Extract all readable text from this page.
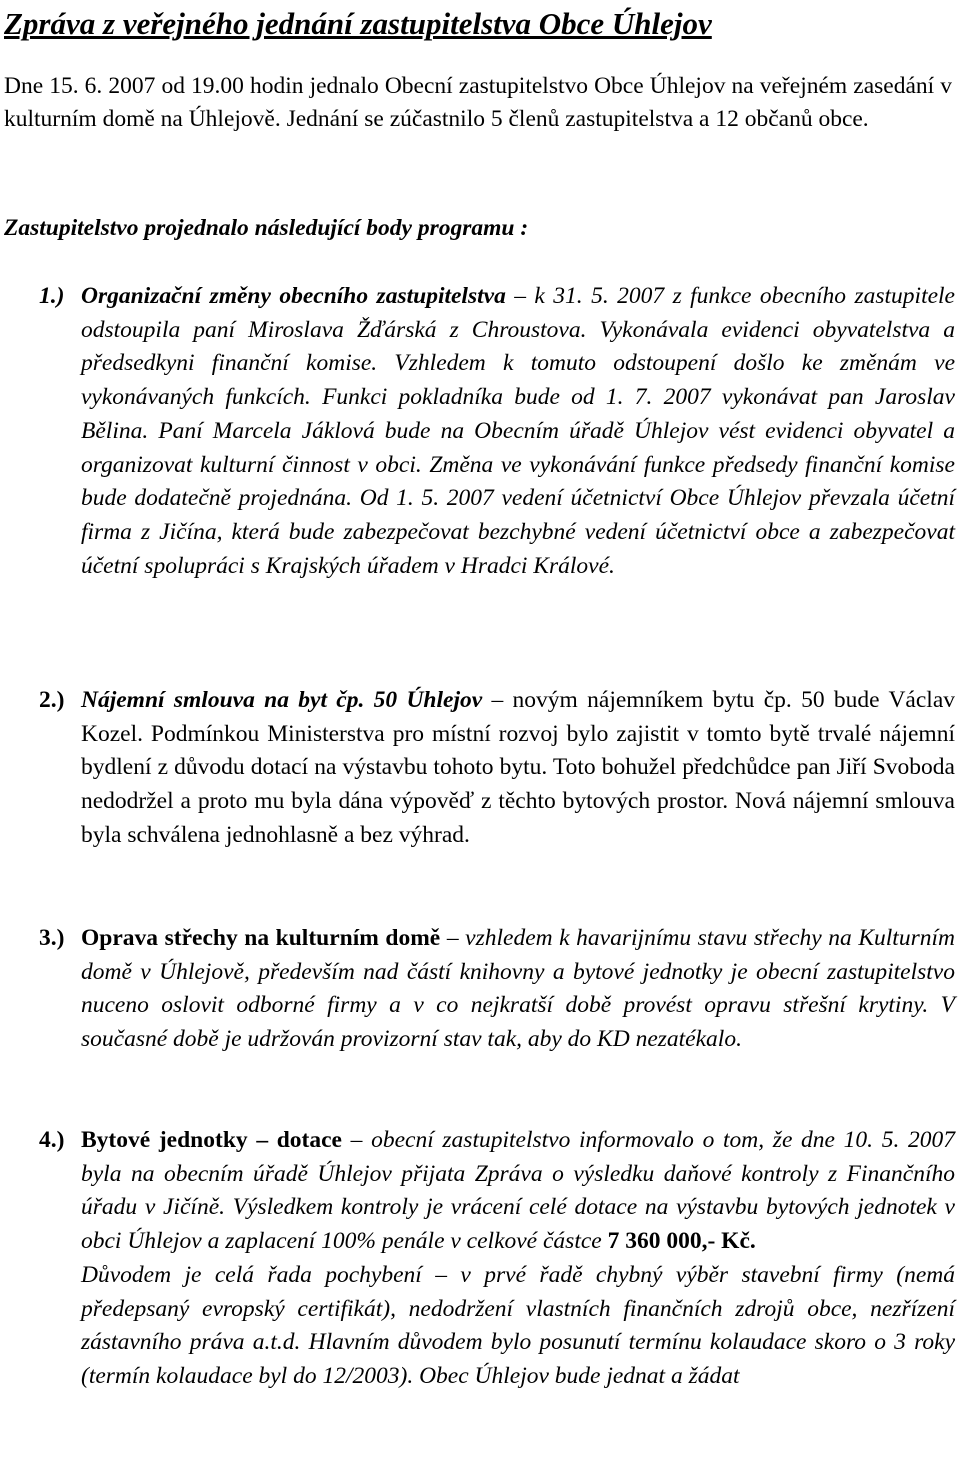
Zpráva z veřejného jednání zastupitelstva Obce Úhlejov

Dne 15. 6. 2007 od 19.00 hodin jednalo Obecní zastupitelstvo Obce Úhlejov na veřejném zasedání v kulturním domě na Úhlejově. Jednání se zúčastnilo 5 členů zastupitelstva a 12 občanů obce.

Zastupitelstvo projednalo následující body programu :

1.) Organizační změny obecního zastupitelstva – k 31. 5. 2007 z funkce obecního zastupitele odstoupila paní Miroslava Žďárská z Chroustova. Vykonávala evidenci obyvatelstva a předsedkyni finanční komise. Vzhledem k tomuto odstoupení došlo ke změnám ve vykonávaných funkcích. Funkci pokladníka bude od 1. 7. 2007 vykonávat pan Jaroslav Bělina. Paní Marcela Jáklová bude na Obecním úřadě Úhlejov vést evidenci obyvatel a organizovat kulturní činnost v obci. Změna ve vykonávání funkce předsedy finanční komise bude dodatečně projednána. Od 1. 5. 2007 vedení účetnictví Obce Úhlejov převzala účetní firma z Jičína, která bude zabezpečovat bezchybné vedení účetnictví obce a zabezpečovat účetní spolupráci s Krajských úřadem v Hradci Králové.

2.) Nájemní smlouva na byt čp. 50 Úhlejov – novým nájemníkem bytu čp. 50 bude Václav Kozel. Podmínkou Ministerstva pro místní rozvoj bylo zajistit v tomto bytě trvalé nájemní bydlení z důvodu dotací na výstavbu tohoto bytu. Toto bohužel předchůdce pan Jiří Svoboda nedodržel a proto mu byla dána výpověď z těchto bytových prostor. Nová nájemní smlouva byla schválena jednohlasně a bez výhrad.

3.) Oprava střechy na kulturním domě – vzhledem k havarijnímu stavu střechy na Kulturním domě v Úhlejově, především nad částí knihovny a bytové jednotky je obecní zastupitelstvo nuceno oslovit odborné firmy a v co nejkratší době provést opravu střešní krytiny. V současné době je udržován provizorní stav tak, aby do KD nezatékalo.

4.) Bytové jednotky – dotace – obecní zastupitelstvo informovalo o tom, že dne 10. 5. 2007 byla na obecním úřadě Úhlejov přijata Zpráva o výsledku daňové kontroly z Finančního úřadu v Jičíně. Výsledkem kontroly je vrácení celé dotace na výstavbu bytových jednotek v obci Úhlejov a zaplacení 100% penále v celkové částce 7 360 000,- Kč.
Důvodem je celá řada pochybení – v prvé řadě chybný výběr stavební firmy (nemá předepsaný evropský certifikát), nedodržení vlastních finančních zdrojů obce, nezřízení zástavního práva a.t.d. Hlavním důvodem bylo posunutí termínu kolaudace skoro o 3 roky (termín kolaudace byl do 12/2003). Obec Úhlejov bude jednat a žádat
